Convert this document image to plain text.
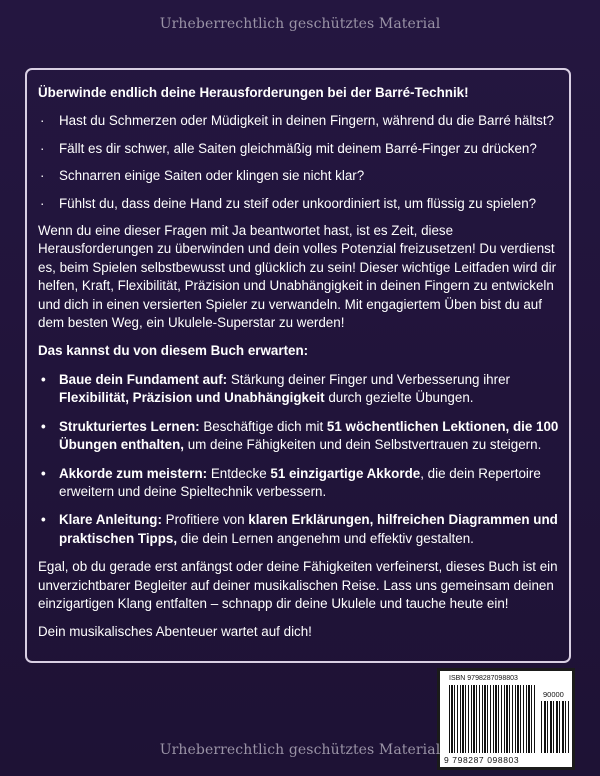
Urheberrechtlich geschütztes Material
Überwinde endlich deine Herausforderungen bei der Barré-Technik!
· Hast du Schmerzen oder Müdigkeit in deinen Fingern, während du die Barré hältst?
· Fällt es dir schwer, alle Saiten gleichmäßig mit deinem Barré-Finger zu drücken?
· Schnarren einige Saiten oder klingen sie nicht klar?
· Fühlst du, dass deine Hand zu steif oder unkoordiniert ist, um flüssig zu spielen?

Wenn du eine dieser Fragen mit Ja beantwortet hast, ist es Zeit, diese Herausforderungen zu überwinden und dein volles Potenzial freizusetzen! Du verdienst es, beim Spielen selbstbewusst und glücklich zu sein! Dieser wichtige Leitfaden wird dir helfen, Kraft, Flexibilität, Präzision und Unabhängigkeit in deinen Fingern zu entwickeln und dich in einen versierten Spieler zu verwandeln. Mit engagiertem Üben bist du auf dem besten Weg, ein Ukulele-Superstar zu werden!

Das kannst du von diesem Buch erwarten:
• Baue dein Fundament auf: Stärkung deiner Finger und Verbesserung ihrer Flexibilität, Präzision und Unabhängigkeit durch gezielte Übungen.
• Strukturiertes Lernen: Beschäftige dich mit 51 wöchentlichen Lektionen, die 100 Übungen enthalten, um deine Fähigkeiten und dein Selbstvertrauen zu steigern.
• Akkorde zum meistern: Entdecke 51 einzigartige Akkorde, die dein Repertoire erweitern und deine Spieltechnik verbessern.
• Klare Anleitung: Profitiere von klaren Erklärungen, hilfreichen Diagrammen und praktischen Tipps, die dein Lernen angenehm und effektiv gestalten.

Egal, ob du gerade erst anfängst oder deine Fähigkeiten verfeinerst, dieses Buch ist ein unverzichtbarer Begleiter auf deiner musikalischen Reise. Lass uns gemeinsam deinen einzigartigen Klang entfalten – schnapp dir deine Ukulele und tauche heute ein!

Dein musikalisches Abenteuer wartet auf dich!

ISBN 9798287098803
90000
9 798287 098803
Urheberrechtlich geschütztes Material
